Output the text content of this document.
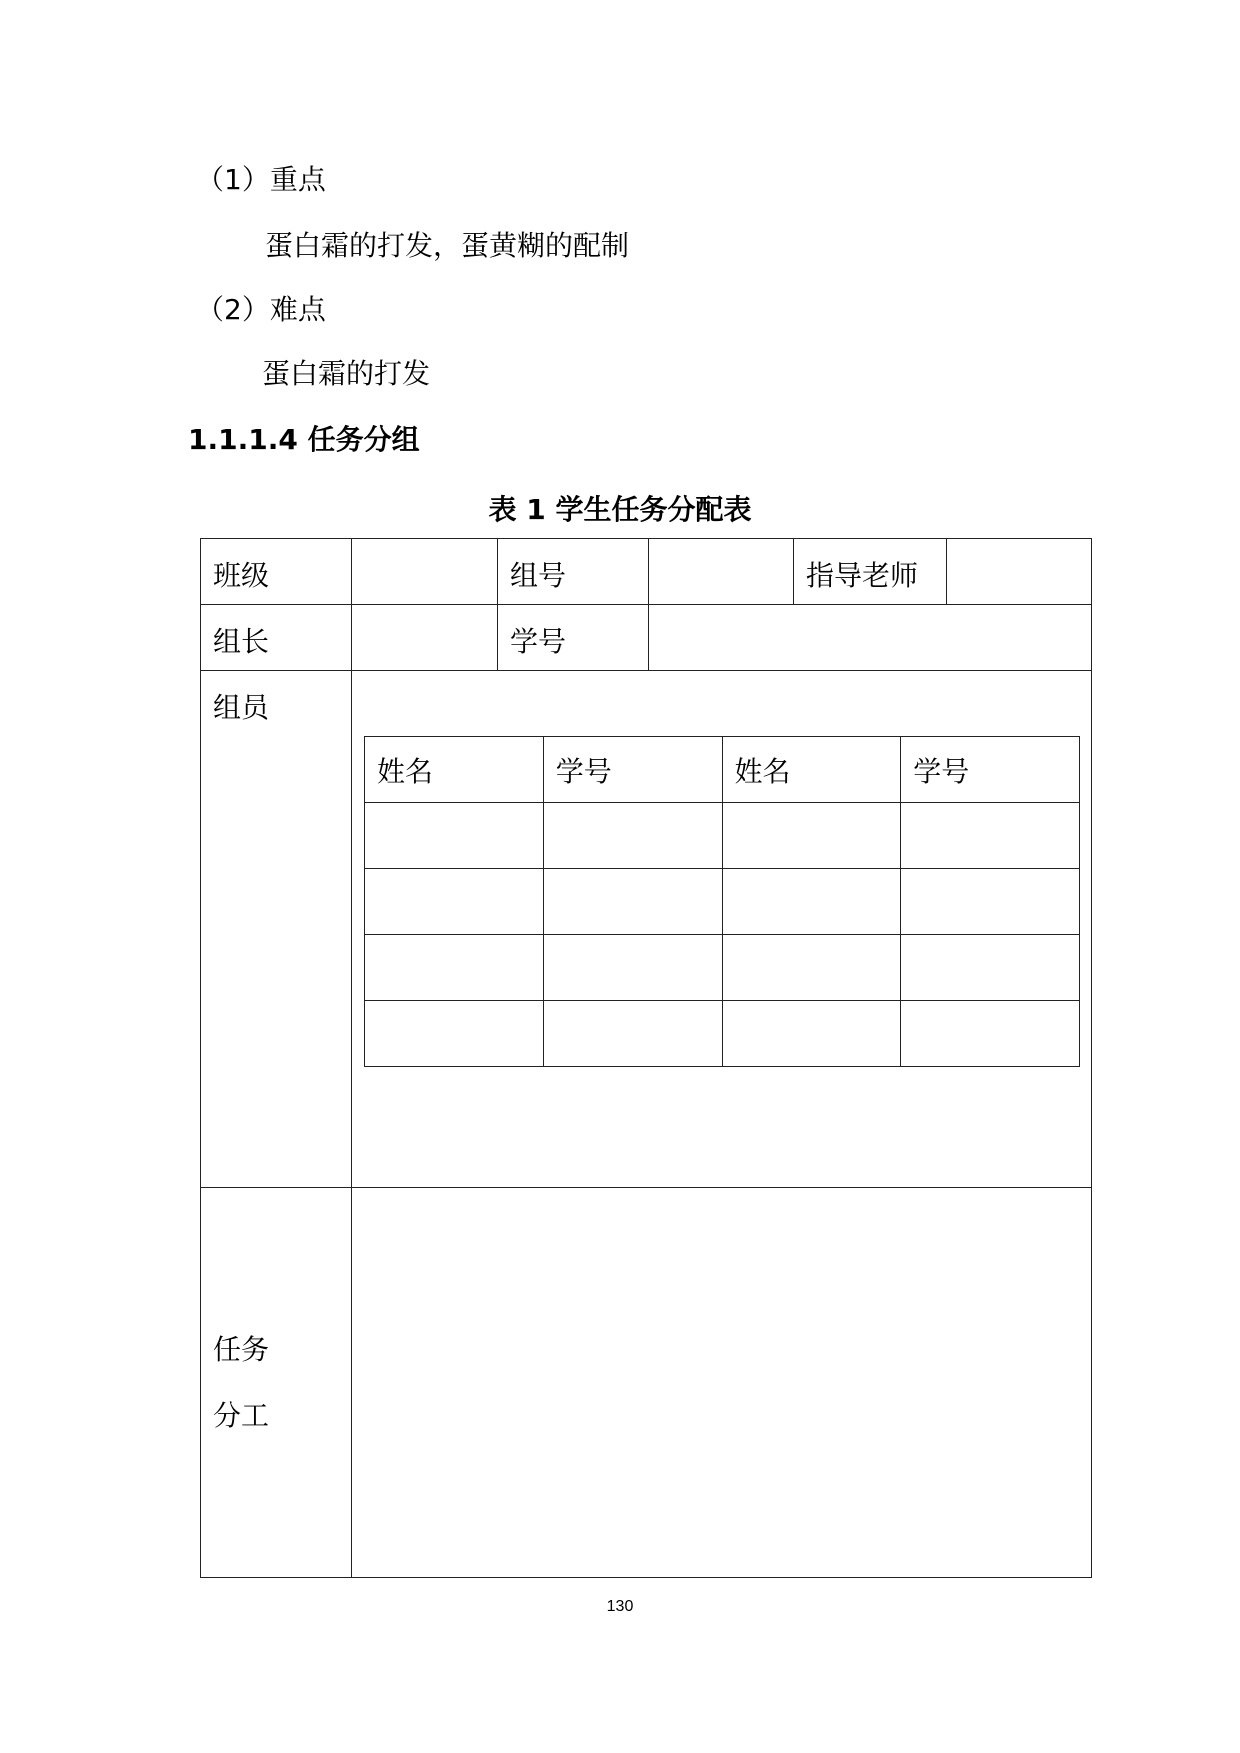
（1）重点
蛋白霜的打发，蛋黄糊的配制
（2）难点
蛋白霜的打发
1.1.1.4 任务分组
表 1 学生任务分配表
班级		组号		指导老师	
组长		学号	
组员	
姓名	学号	姓名	学号

任务
分工

130
